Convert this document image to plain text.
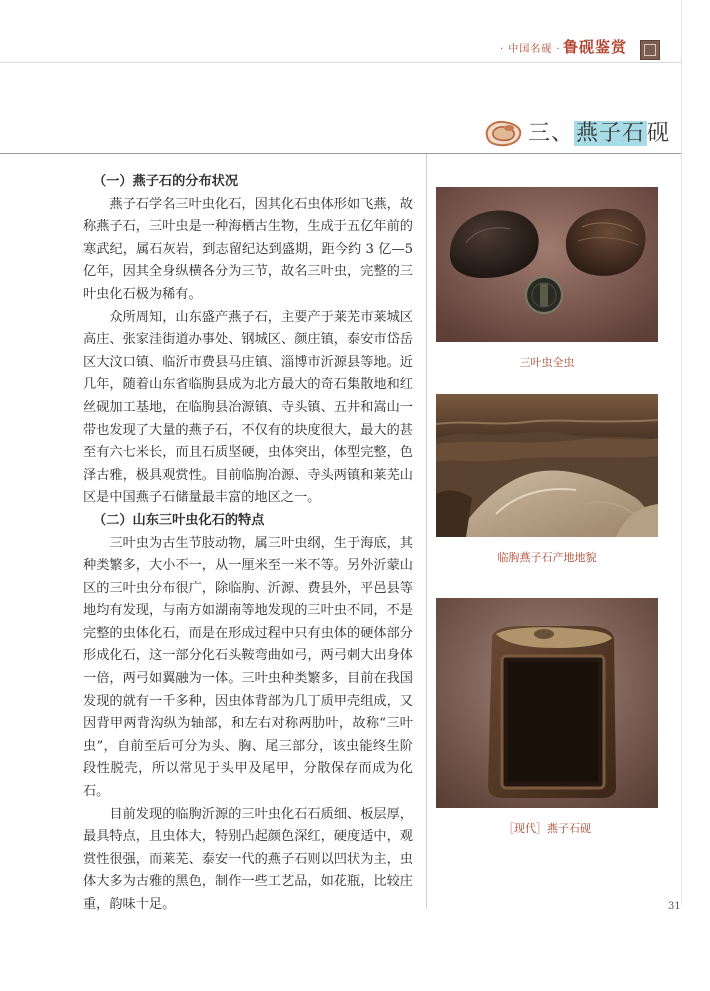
· 中国名砚 · 鲁砚鉴赏
三、燕子石砚
（一）燕子石的分布状况

燕子石学名三叶虫化石，因其化石虫体形如飞燕，故称燕子石，三叶虫是一种海栖古生物，生成于五亿年前的寒武纪，属石灰岩，到志留纪达到盛期，距今约 3 亿—5 亿年，因其全身纵横各分为三节，故名三叶虫，完整的三叶虫化石极为稀有。

众所周知，山东盛产燕子石，主要产于莱芜市莱城区高庄、张家洼街道办事处、钢城区、颜庄镇，泰安市岱岳区大汶口镇、临沂市费县马庄镇、淄博市沂源县等地。近几年，随着山东省临朐县成为北方最大的奇石集散地和红丝砚加工基地，在临朐县冶源镇、寺头镇、五井和嵩山一带也发现了大量的燕子石，不仅有的块度很大，最大的甚至有六七米长，而且石质坚硬，虫体突出，体型完整，色泽古雅，极具观赏性。目前临朐冶源、寺头两镇和莱芜山区是中国燕子石储量最丰富的地区之一。

（二）山东三叶虫化石的特点

三叶虫为古生节肢动物，属三叶虫纲，生于海底，其种类繁多，大小不一，从一厘米至一米不等。另外沂蒙山区的三叶虫分布很广，除临朐、沂源、费县外，平邑县等地均有发现，与南方如湖南等地发现的三叶虫不同，不是完整的虫体化石，而是在形成过程中只有虫体的硬体部分形成化石，这一部分化石头鞍弯曲如弓，两弓刺大出身体一倍，两弓如翼融为一体。三叶虫种类繁多，目前在我国发现的就有一千多种，因虫体背部为几丁质甲壳组成，又因背甲两背沟纵为轴部，和左右对称两肋叶，故称“三叶虫”，自前至后可分为头、胸、尾三部分，该虫能终生阶段性脱壳，所以常见于头甲及尾甲，分散保存而成为化石。

目前发现的临朐沂源的三叶虫化石石质细、板层厚，最具特点，且虫体大，特别凸起颜色深红，硬度适中，观赏性很强，而莱芜、泰安一代的燕子石则以凹状为主，虫体大多为古雅的黑色，制作一些工艺品，如花瓶，比较庄重，韵味十足。

三叶虫全虫
临朐燕子石产地地貌
［现代］燕子石砚
31
